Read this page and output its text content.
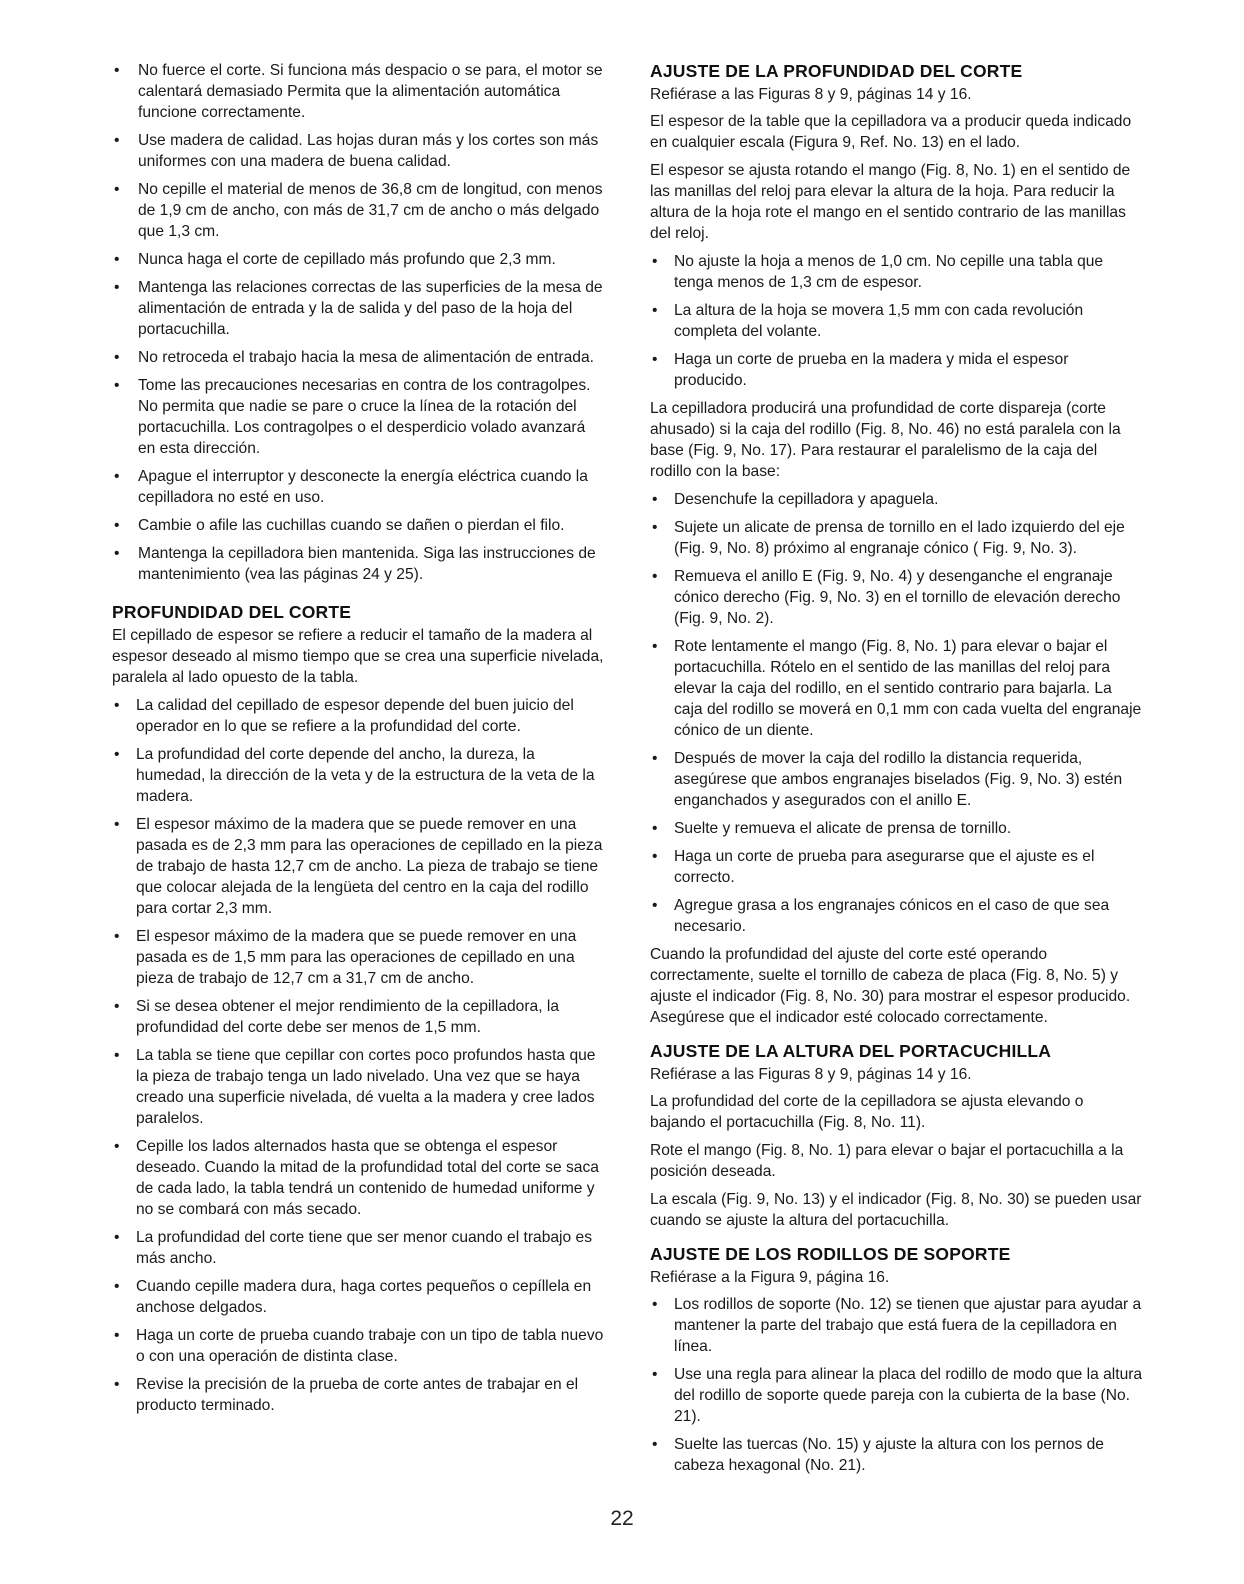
• No fuerce el corte. Si funciona más despacio o se para, el motor se calentará demasiado Permita que la alimentación automática funcione correctamente.
• Use madera de calidad. Las hojas duran más y los cortes son más uniformes con una madera de buena calidad.
• No cepille el material de menos de 36,8 cm de longitud, con menos de 1,9 cm de ancho, con más de 31,7 cm de ancho o más delgado que 1,3 cm.
• Nunca haga el corte de cepillado más profundo que 2,3 mm.
• Mantenga las relaciones correctas de las superficies de la mesa de alimentación de entrada y la de salida y del paso de la hoja del portacuchilla.
• No retroceda el trabajo hacia la mesa de alimentación de entrada.
• Tome las precauciones necesarias en contra de los contragolpes. No permita que nadie se pare o cruce la línea de la rotación del portacuchilla. Los contragolpes o el desperdicio volado avanzará en esta dirección.
• Apague el interruptor y desconecte la energía eléctrica cuando la cepilladora no esté en uso.
• Cambie o afile las cuchillas cuando se dañen o pierdan el filo.
• Mantenga la cepilladora bien mantenida. Siga las instrucciones de mantenimiento (vea las páginas 24 y 25).
PROFUNDIDAD DEL CORTE

El cepillado de espesor se refiere a reducir el tamaño de la madera al espesor deseado al mismo tiempo que se crea una superficie nivelada, paralela al lado opuesto de la tabla.

• La calidad del cepillado de espesor depende del buen juicio del operador en lo que se refiere a la profundidad del corte.
• La profundidad del corte depende del ancho, la dureza, la humedad, la dirección de la veta y de la estructura de la veta de la madera.
• El espesor máximo de la madera que se puede remover en una pasada es de 2,3 mm para las operaciones de cepillado en la pieza de trabajo de hasta 12,7 cm de ancho. La pieza de trabajo se tiene que colocar alejada de la lengüeta del centro en la caja del rodillo para cortar 2,3 mm.
• El espesor máximo de la madera que se puede remover en una pasada es de 1,5 mm para las operaciones de cepillado en una pieza de trabajo de 12,7 cm a 31,7 cm de ancho.
• Si se desea obtener el mejor rendimiento de la cepilladora, la profundidad del corte debe ser menos de 1,5 mm.
• La tabla se tiene que cepillar con cortes poco profundos hasta que la pieza de trabajo tenga un lado nivelado. Una vez que se haya creado una superficie nivelada, dé vuelta a la madera y cree lados paralelos.
• Cepille los lados alternados hasta que se obtenga el espesor deseado. Cuando la mitad de la profundidad total del corte se saca de cada lado, la tabla tendrá un contenido de humedad uniforme y no se combará con más secado.
• La profundidad del corte tiene que ser menor cuando el trabajo es más ancho.
• Cuando cepille madera dura, haga cortes pequeños o cepíllela en anchose delgados.
• Haga un corte de prueba cuando trabaje con un tipo de tabla nuevo o con una operación de distinta clase.
• Revise la precisión de la prueba de corte antes de trabajar en el producto terminado.
AJUSTE DE LA PROFUNDIDAD DEL CORTE

Refiérase a las Figuras 8 y 9, páginas 14 y 16.

El espesor de la table que la cepilladora va a producir queda indicado en cualquier escala (Figura 9, Ref. No. 13) en el lado.

El espesor se ajusta rotando el mango (Fig. 8, No. 1) en el sentido de las manillas del reloj para elevar la altura de la hoja. Para reducir la altura de la hoja rote el mango en el sentido contrario de las manillas del reloj.

• No ajuste la hoja a menos de 1,0 cm. No cepille una tabla que tenga menos de 1,3 cm de espesor.
• La altura de la hoja se movera 1,5 mm con cada revolución completa del volante.
• Haga un corte de prueba en la madera y mida el espesor producido.

La cepilladora producirá una profundidad de corte dispareja (corte ahusado) si la caja del rodillo (Fig. 8, No. 46) no está paralela con la base (Fig. 9, No. 17). Para restaurar el paralelismo de la caja del rodillo con la base:

• Desenchufe la cepilladora y apaguela.
• Sujete un alicate de prensa de tornillo en el lado izquierdo del eje (Fig. 9, No. 8) próximo al engranaje cónico ( Fig. 9, No. 3).
• Remueva el anillo E (Fig. 9, No. 4) y desenganche el engranaje cónico derecho (Fig. 9, No. 3) en el tornillo de elevación derecho (Fig. 9, No. 2).
• Rote lentamente el mango (Fig. 8, No. 1) para elevar o bajar el portacuchilla. Rótelo en el sentido de las manillas del reloj para elevar la caja del rodillo, en el sentido contrario para bajarla. La caja del rodillo se moverá en 0,1 mm con cada vuelta del engranaje cónico de un diente.
• Después de mover la caja del rodillo la distancia requerida, asegúrese que ambos engranajes biselados (Fig. 9, No. 3) estén enganchados y asegurados con el anillo E.
• Suelte y remueva el alicate de prensa de tornillo.
• Haga un corte de prueba para asegurarse que el ajuste es el correcto.
• Agregue grasa a los engranajes cónicos en el caso de que sea necesario.

Cuando la profundidad del ajuste del corte esté operando correctamente, suelte el tornillo de cabeza de placa (Fig. 8, No. 5) y ajuste el indicador (Fig. 8, No. 30) para mostrar el espesor producido. Asegúrese que el indicador esté colocado correctamente.

AJUSTE DE LA ALTURA DEL PORTACUCHILLA

Refiérase a las Figuras 8 y 9, páginas 14 y 16.

La profundidad del corte de la cepilladora se ajusta elevando o bajando el portacuchilla (Fig. 8, No. 11).

Rote el mango (Fig. 8, No. 1) para elevar o bajar el portacuchilla a la posición deseada.

La escala (Fig. 9, No. 13) y el indicador (Fig. 8, No. 30) se pueden usar cuando se ajuste la altura del portacuchilla.

AJUSTE DE LOS RODILLOS DE SOPORTE

Refiérase a la Figura 9, página 16.

• Los rodillos de soporte (No. 12) se tienen que ajustar para ayudar a mantener la parte del trabajo que está fuera de la cepilladora en línea.
• Use una regla para alinear la placa del rodillo de modo que la altura del rodillo de soporte quede pareja con la cubierta de la base (No. 21).
• Suelte las tuercas (No. 15) y ajuste la altura con los pernos de cabeza hexagonal (No. 21).
22
